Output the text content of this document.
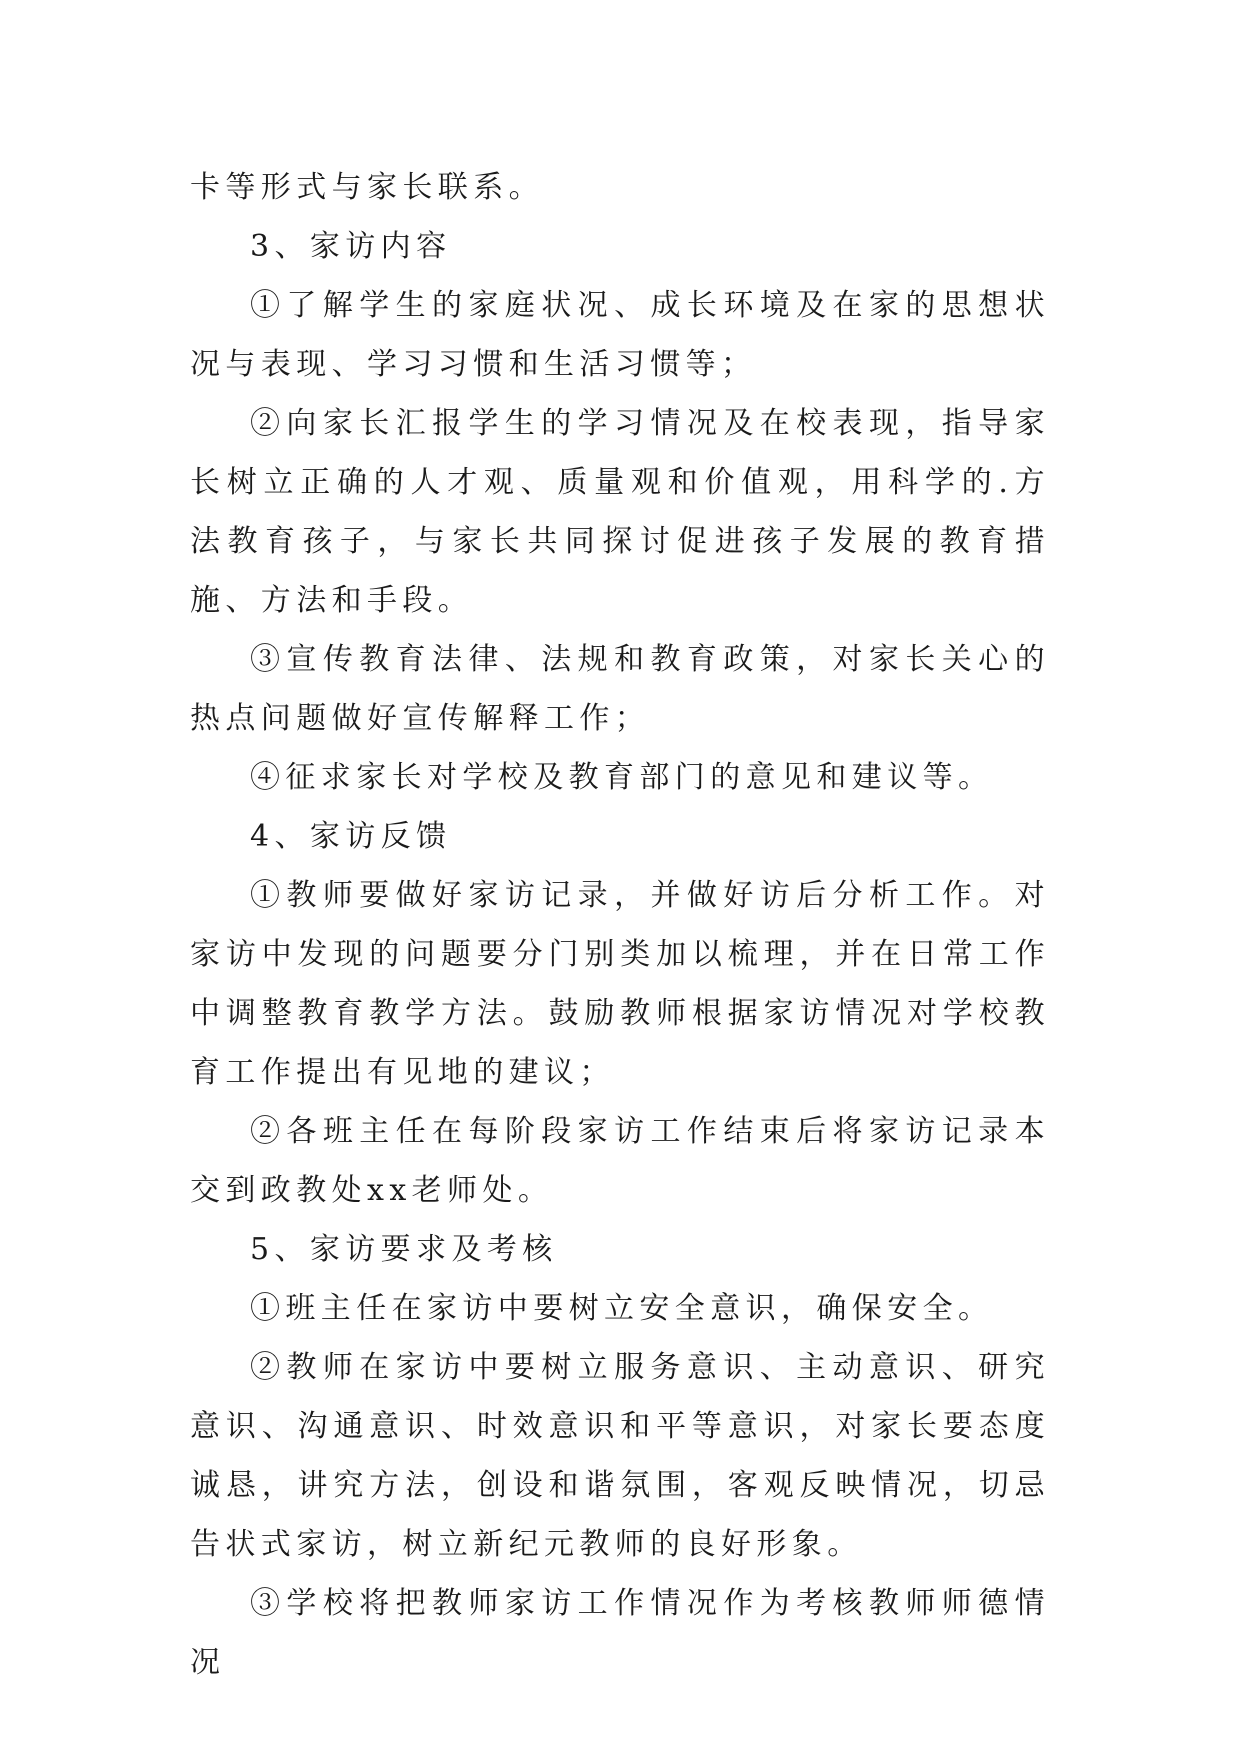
卡等形式与家长联系。

3、家访内容

①了解学生的家庭状况、成长环境及在家的思想状况与表现、学习习惯和生活习惯等；

②向家长汇报学生的学习情况及在校表现，指导家长树立正确的人才观、质量观和价值观，用科学的.方法教育孩子，与家长共同探讨促进孩子发展的教育措施、方法和手段。

③宣传教育法律、法规和教育政策，对家长关心的热点问题做好宣传解释工作；

④征求家长对学校及教育部门的意见和建议等。

4、家访反馈

①教师要做好家访记录，并做好访后分析工作。对家访中发现的问题要分门别类加以梳理，并在日常工作中调整教育教学方法。鼓励教师根据家访情况对学校教育工作提出有见地的建议；

②各班主任在每阶段家访工作结束后将家访记录本交到政教处xx老师处。

5、家访要求及考核

①班主任在家访中要树立安全意识，确保安全。

②教师在家访中要树立服务意识、主动意识、研究意识、沟通意识、时效意识和平等意识，对家长要态度诚恳，讲究方法，创设和谐氛围，客观反映情况，切忌告状式家访，树立新纪元教师的良好形象。

③学校将把教师家访工作情况作为考核教师师德情况
